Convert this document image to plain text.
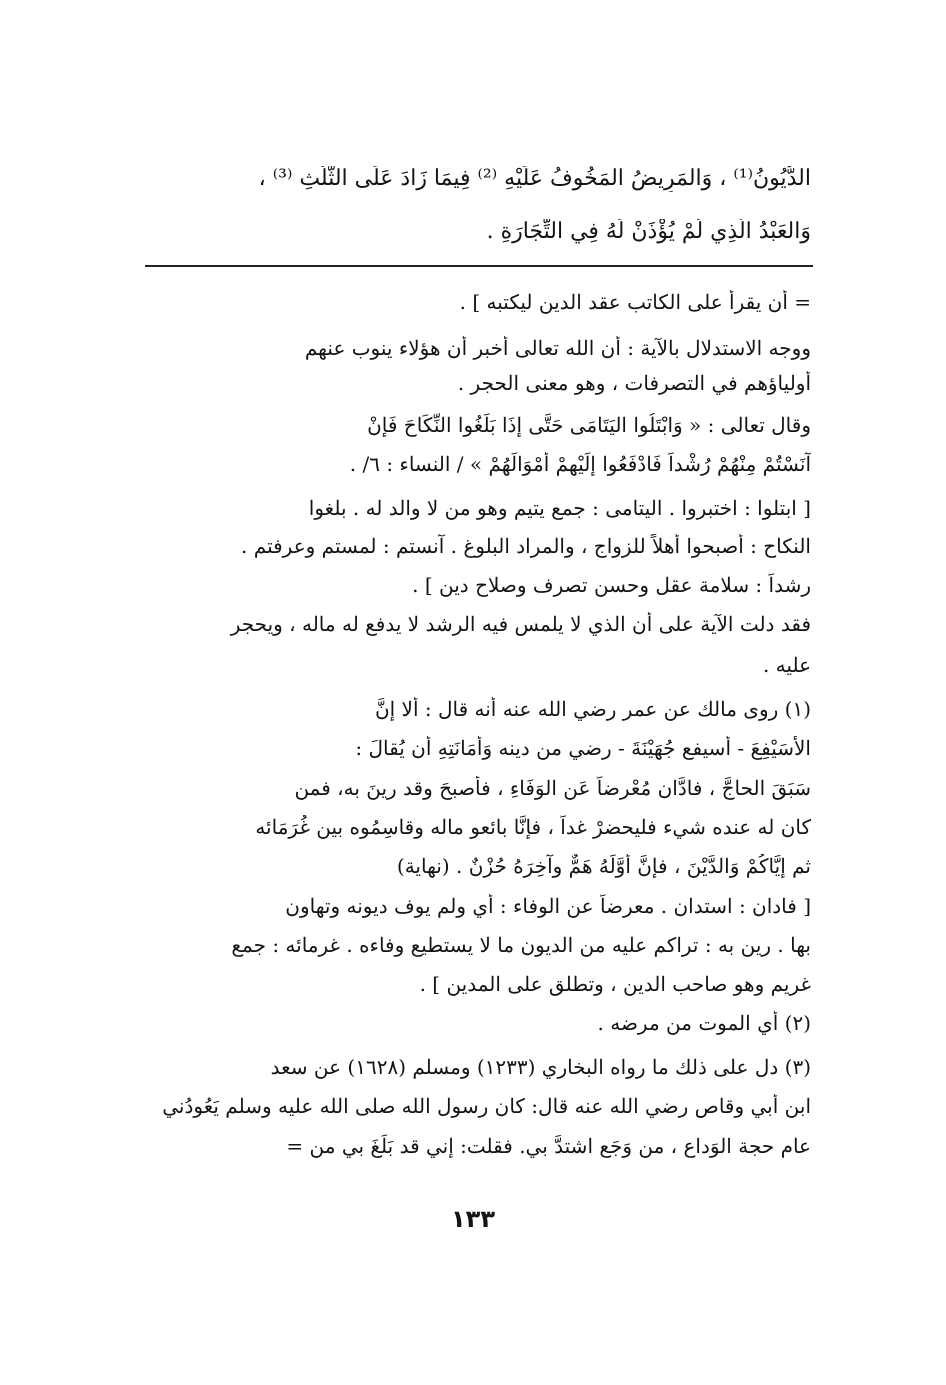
الدُّيُونُ⁽¹⁾ ، وَالمَرِيضُ المَخُوفُ عَلَيْهِ ⁽²⁾ فِيمَا زَادَ عَلَى الثُّلُثِ ⁽³⁾ ،
وَالعَبْدُ الَّذِي لَمْ يُؤْذَنْ لَهُ فِي التِّجَارَةِ .
= أن يقرأ على الكاتب عقد الدين ليكتبه ] .
ووجه الاستدلال بالآية : أن الله تعالى أخبر أن هؤلاء ينوب عنهم
أولياؤهم في التصرفات ، وهو معنى الحجر .
وقال تعالى : « وَابْتَلُوا اليَتَامَى حَتَّى إِذَا بَلَغُوا النِّكَاحَ فَإِنْ
آنَسْتُمْ مِنْهُمْ رُشْداً فَادْفَعُوا إِلَيْهِمْ أَمْوَالَهُمْ » / النساء : ٦/ .
[ ابتلوا : اختبروا . اليتامى : جمع يتيم وهو من لا والد له . بلغوا
النكاح : أصبحوا أهلاً للزواج ، والمراد البلوغ . آنستم : لمستم وعرفتم .
رشداً : سلامة عقل وحسن تصرف وصلاح دين ] .
فقد دلت الآية على أن الذي لا يلمس فيه الرشد لا يدفع له ماله ، ويحجر
عليه .
(١) روى مالك عن عمر رضي الله عنه أنه قال : ألا إنَّ
الأُسَيْفِعَ - أسيفع جُهَيْنَةَ - رضي من دينه وَأَمَانَتِهِ أن يُقالَ :
سَبَقَ الحاجَّ ، فادَّان مُعْرِضاً عَنِ الوَفَاءِ ، فأصبحَ وقد رِينَ به، فمن
كان له عنده شيء فليحضرْ غداً ، فإنَّا بائعو ماله وقاسِمُوه بين غُرَمَائه
ثم إيَّاكُمْ وَالدَّيْنَ ، فإنَّ أوَّلَهُ هَمٌّ وآخِرَهُ حُزْنٌ . (نهاية)
[ فادان : استدان . معرضاً عن الوفاء : أي ولم يوف ديونه وتهاون
بها . رين به : تراكم عليه من الديون ما لا يستطيع وفاءه . غرمائه : جمع
غريم وهو صاحب الدين ، وتطلق على المدين ] .
(٢) أي الموت من مرضه .
(٣) دل على ذلك ما رواه البخاري (١٢٣٣) ومسلم (١٦٢٨) عن سعد
ابن أبي وقاص رضي الله عنه قال: كان رسول الله صلى الله عليه وسلم يَعُودُني
عام حجة الوَداع ، من وَجَعٍ اشتدَّ بي. فقلت: إني قد بَلَغَ بي من =
١٣٣
